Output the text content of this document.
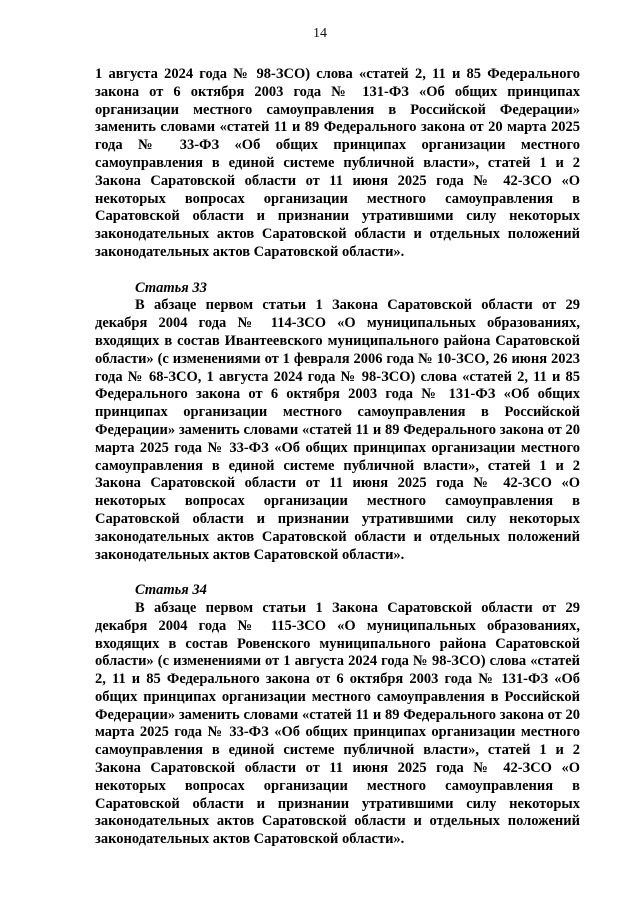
14

1 августа 2024 года № 98-ЗСО) слова «статей 2, 11 и 85 Федерального закона от 6 октября 2003 года № 131-ФЗ «Об общих принципах организации местного самоуправления в Российской Федерации» заменить словами «статей 11 и 89 Федерального закона от 20 марта 2025 года № 33-ФЗ «Об общих принципах организации местного самоуправления в единой системе публичной власти», статей 1 и 2 Закона Саратовской области от 11 июня 2025 года № 42-ЗСО «О некоторых вопросах организации местного самоуправления в Саратовской области и признании утратившими силу некоторых законодательных актов Саратовской области и отдельных положений законодательных актов Саратовской области».

Статья 33

В абзаце первом статьи 1 Закона Саратовской области от 29 декабря 2004 года № 114-ЗСО «О муниципальных образованиях, входящих в состав Ивантеевского муниципального района Саратовской области» (с изменениями от 1 февраля 2006 года № 10-ЗСО, 26 июня 2023 года № 68-ЗСО, 1 августа 2024 года № 98-ЗСО) слова «статей 2, 11 и 85 Федерального закона от 6 октября 2003 года № 131-ФЗ «Об общих принципах организации местного самоуправления в Российской Федерации» заменить словами «статей 11 и 89 Федерального закона от 20 марта 2025 года № 33-ФЗ «Об общих принципах организации местного самоуправления в единой системе публичной власти», статей 1 и 2 Закона Саратовской области от 11 июня 2025 года № 42-ЗСО «О некоторых вопросах организации местного самоуправления в Саратовской области и признании утратившими силу некоторых законодательных актов Саратовской области и отдельных положений законодательных актов Саратовской области».

Статья 34

В абзаце первом статьи 1 Закона Саратовской области от 29 декабря 2004 года № 115-ЗСО «О муниципальных образованиях, входящих в состав Ровенского муниципального района Саратовской области» (с изменениями от 1 августа 2024 года № 98-ЗСО) слова «статей 2, 11 и 85 Федерального закона от 6 октября 2003 года № 131-ФЗ «Об общих принципах организации местного самоуправления в Российской Федерации» заменить словами «статей 11 и 89 Федерального закона от 20 марта 2025 года № 33-ФЗ «Об общих принципах организации местного самоуправления в единой системе публичной власти», статей 1 и 2 Закона Саратовской области от 11 июня 2025 года № 42-ЗСО «О некоторых вопросах организации местного самоуправления в Саратовской области и признании утратившими силу некоторых законодательных актов Саратовской области и отдельных положений законодательных актов Саратовской области».
